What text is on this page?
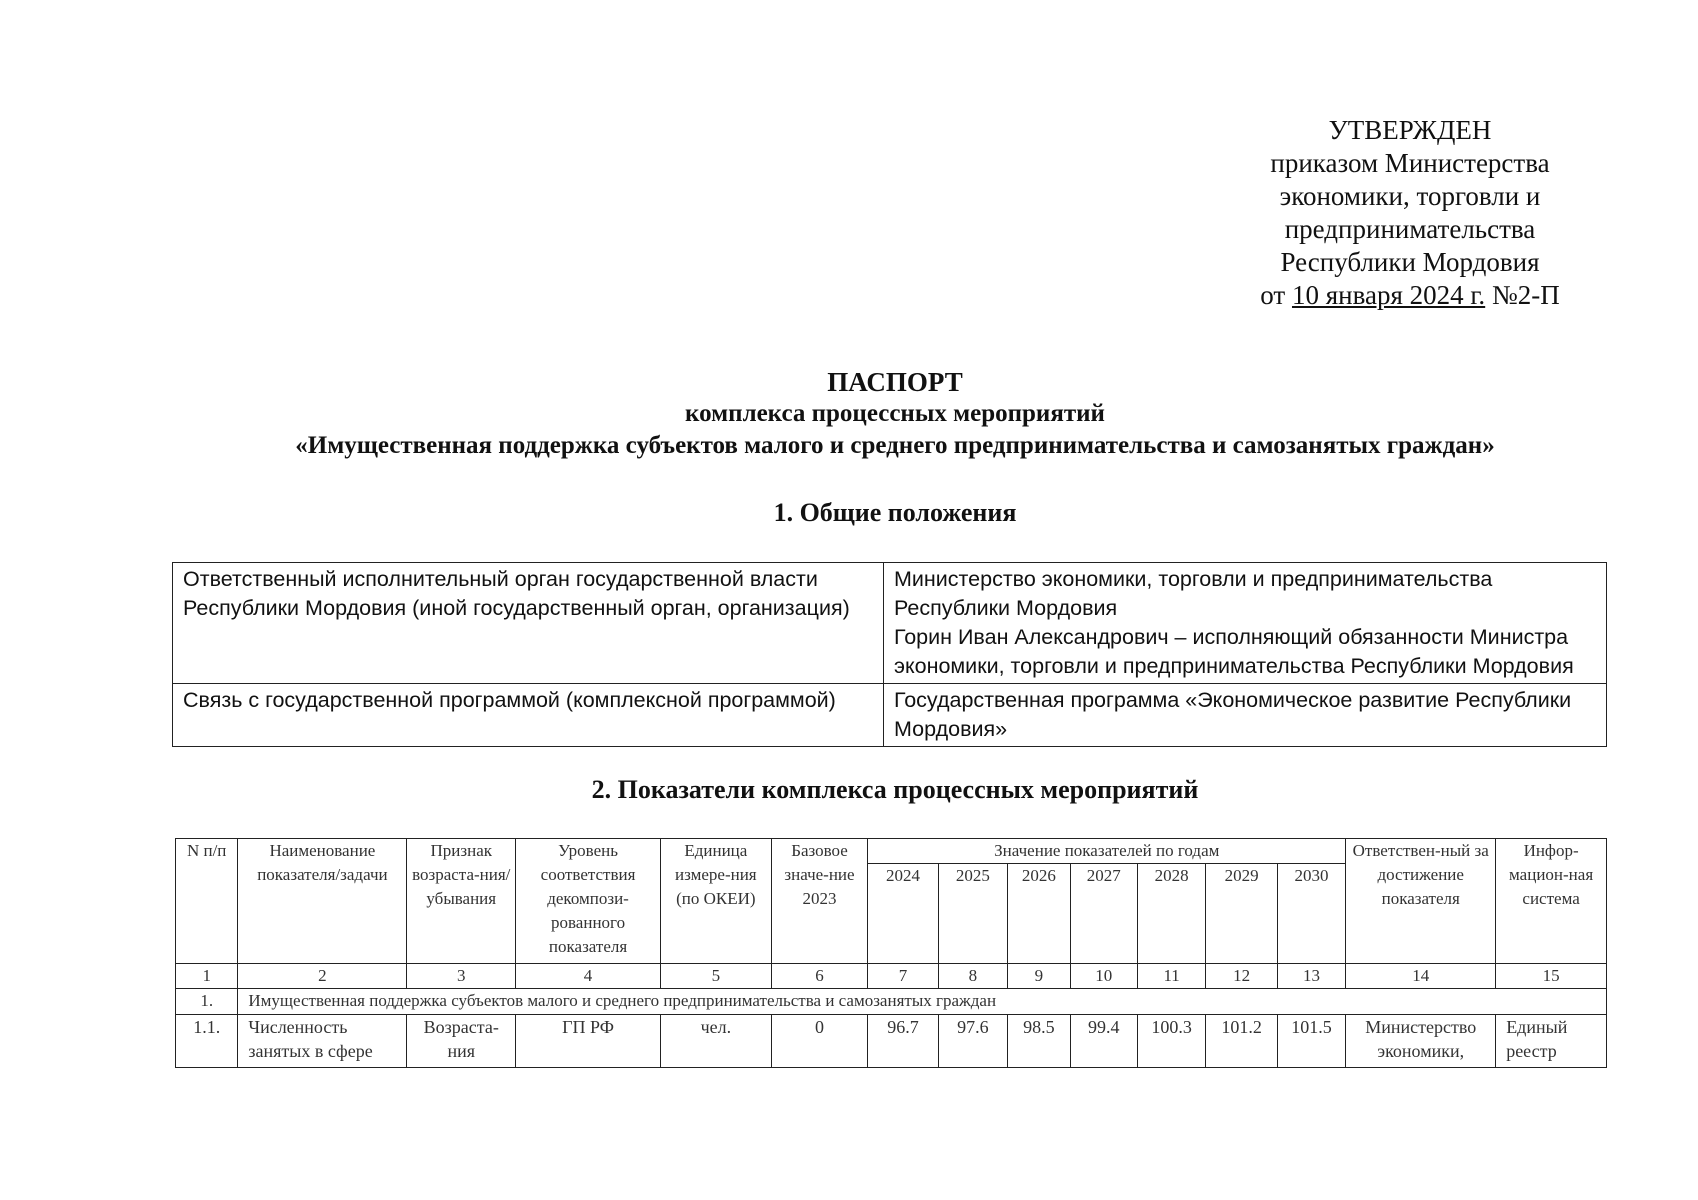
УТВЕРЖДЕН
приказом Министерства
экономики, торговли и
предпринимательства
Республики Мордовия
от 10 января 2024 г. №2-П
ПАСПОРТ
комплекса процессных мероприятий
«Имущественная поддержка субъектов малого и среднего предпринимательства и самозанятых граждан»
1. Общие положения
Ответственный исполнительный орган государственной власти Республики Мордовия (иной государственный орган, организация)	Министерство экономики, торговли и предпринимательства Республики Мордовия
Горин Иван Александрович – исполняющий обязанности Министра экономики, торговли и предпринимательства Республики Мордовия

Связь с государственной программой (комплексной программой)	Государственная программа «Экономическое развитие Республики Мордовия»
2. Показатели комплекса процессных мероприятий
N п/п	Наименование показателя/задачи	Признак возраста-ния/ убывания	Уровень соответствия декомпози-рованного показателя	Единица измере-ния (по ОКЕИ)	Базовое значе-ние 2023	Значение показателей по годам							Ответствен-ный за достижение показателя	Инфор-мацион-ная система
						2024	2025	2026	2027	2028	2029	2030		
1	2	3	4	5	6	7	8	9	10	11	12	13	14	15
1.	Имущественная поддержка субъектов малого и среднего предпринимательства и самозанятых граждан													
1.1.	Численность занятых в сфере	Возраста-ния	ГП РФ	чел.	0	96.7	97.6	98.5	99.4	100.3	101.2	101.5	Министерство экономики,	Единый реестр
